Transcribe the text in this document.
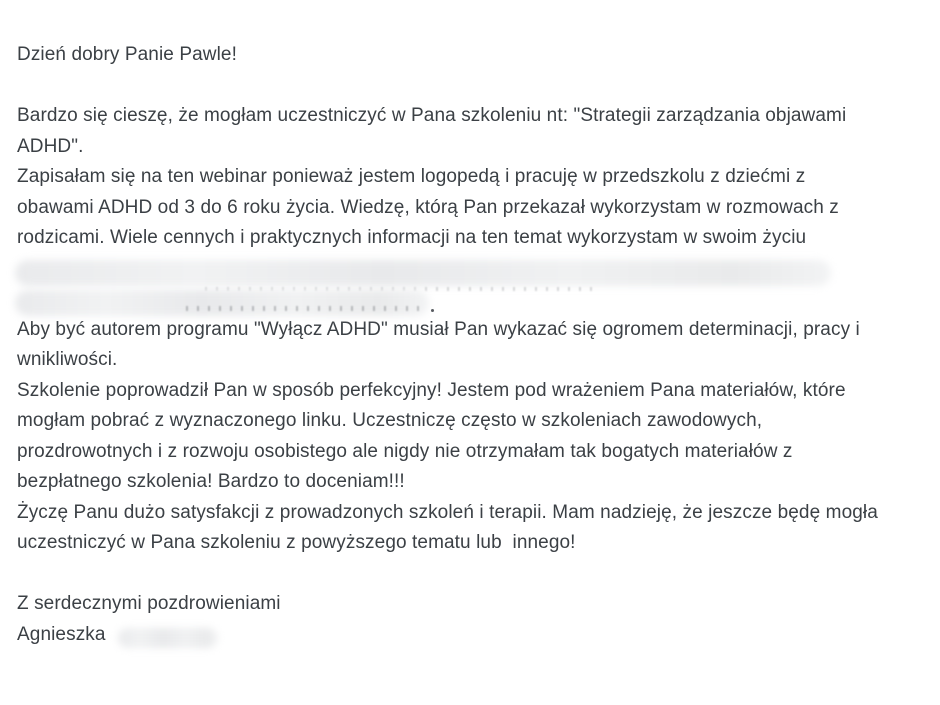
Dzień dobry Panie Pawle!
Bardzo się cieszę, że mogłam uczestniczyć w Pana szkoleniu nt: "Strategii zarządzania objawami
ADHD".
Zapisałam się na ten webinar ponieważ jestem logopedą i pracuję w przedszkolu z dziećmi z
obawami ADHD od 3 do 6 roku życia. Wiedzę, którą Pan przekazał wykorzystam w rozmowach z
rodzicami. Wiele cennych i praktycznych informacji na ten temat wykorzystam w swoim życiu
Aby być autorem programu "Wyłącz ADHD" musiał Pan wykazać się ogromem determinacji, pracy i
wnikliwości.
Szkolenie poprowadził Pan w sposób perfekcyjny! Jestem pod wrażeniem Pana materiałów, które
mogłam pobrać z wyznaczonego linku. Uczestniczę często w szkoleniach zawodowych,
prozdrowotnych i z rozwoju osobistego ale nigdy nie otrzymałam tak bogatych materiałów z
bezpłatnego szkolenia! Bardzo to doceniam!!!
Życzę Panu dużo satysfakcji z prowadzonych szkoleń i terapii. Mam nadzieję, że jeszcze będę mogła
uczestniczyć w Pana szkoleniu z powyższego tematu lub  innego!
Z serdecznymi pozdrowieniami
Agnieszka
